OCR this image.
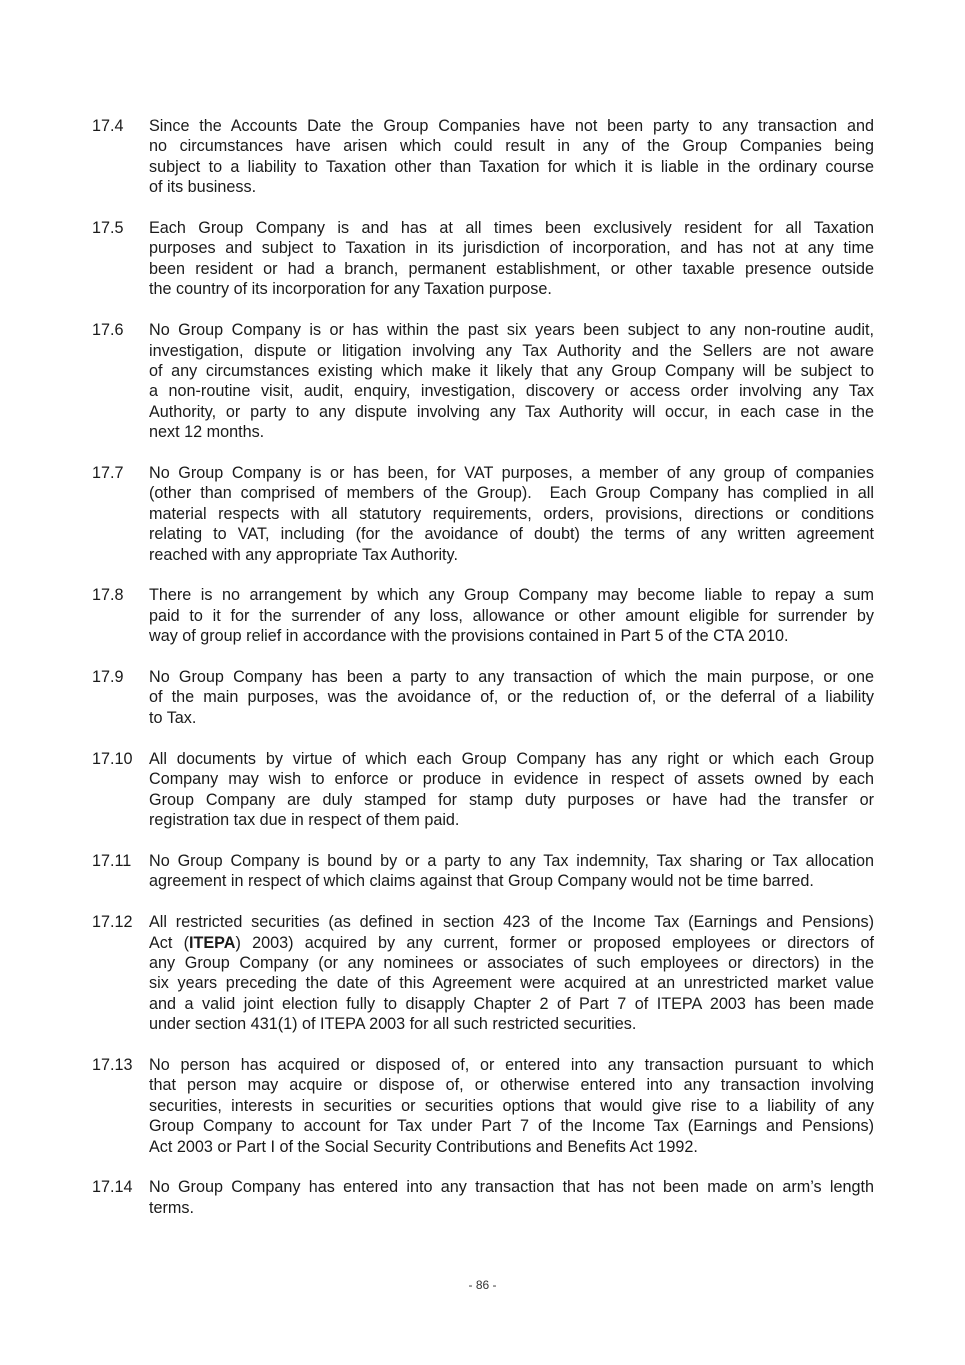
17.4	Since the Accounts Date the Group Companies have not been party to any transaction and
no circumstances have arisen which could result in any of the Group Companies being
subject to a liability to Taxation other than Taxation for which it is liable in the ordinary course
of its business.
17.5	Each Group Company is and has at all times been exclusively resident for all Taxation
purposes and subject to Taxation in its jurisdiction of incorporation, and has not at any time
been resident or had a branch, permanent establishment, or other taxable presence outside
the country of its incorporation for any Taxation purpose.
17.6	No Group Company is or has within the past six years been subject to any non-routine audit,
investigation, dispute or litigation involving any Tax Authority and the Sellers are not aware
of any circumstances existing which make it likely that any Group Company will be subject to
a non-routine visit, audit, enquiry, investigation, discovery or access order involving any Tax
Authority, or party to any dispute involving any Tax Authority will occur, in each case in the
next 12 months.
17.7	No Group Company is or has been, for VAT purposes, a member of any group of companies
(other than comprised of members of the Group).  Each Group Company has complied in all
material respects with all statutory requirements, orders, provisions, directions or conditions
relating to VAT, including (for the avoidance of doubt) the terms of any written agreement
reached with any appropriate Tax Authority.
17.8	There is no arrangement by which any Group Company may become liable to repay a sum
paid to it for the surrender of any loss, allowance or other amount eligible for surrender by
way of group relief in accordance with the provisions contained in Part 5 of the CTA 2010.
17.9	No Group Company has been a party to any transaction of which the main purpose, or one
of the main purposes, was the avoidance of, or the reduction of, or the deferral of a liability
to Tax.
17.10	All documents by virtue of which each Group Company has any right or which each Group
Company may wish to enforce or produce in evidence in respect of assets owned by each
Group Company are duly stamped for stamp duty purposes or have had the transfer or
registration tax due in respect of them paid.
17.11	No Group Company is bound by or a party to any Tax indemnity, Tax sharing or Tax allocation
agreement in respect of which claims against that Group Company would not be time barred.
17.12	All restricted securities (as defined in section 423 of the Income Tax (Earnings and Pensions)
Act (ITEPA) 2003) acquired by any current, former or proposed employees or directors of
any Group Company (or any nominees or associates of such employees or directors) in the
six years preceding the date of this Agreement were acquired at an unrestricted market value
and a valid joint election fully to disapply Chapter 2 of Part 7 of ITEPA 2003 has been made
under section 431(1) of ITEPA 2003 for all such restricted securities.
17.13	No person has acquired or disposed of, or entered into any transaction pursuant to which
that person may acquire or dispose of, or otherwise entered into any transaction involving
securities, interests in securities or securities options that would give rise to a liability of any
Group Company to account for Tax under Part 7 of the Income Tax (Earnings and Pensions)
Act 2003 or Part I of the Social Security Contributions and Benefits Act 1992.
17.14	No Group Company has entered into any transaction that has not been made on arm’s length
terms.
- 86 -
